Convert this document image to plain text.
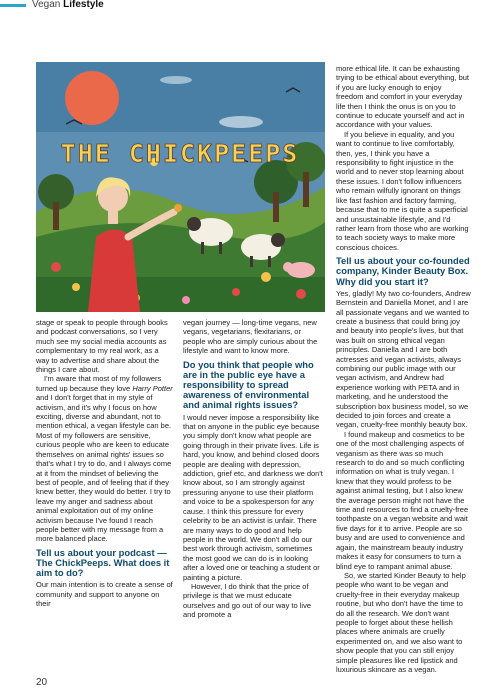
Vegan Lifestyle
THE CHICKPEEPS

stage or speak to people through books and podcast conversations, so I very much see my social media accounts as complementary to my real work, as a way to advertise and share about the things I care about.

I'm aware that most of my followers turned up because they love Harry Potter and I don't forget that in my style of activism, and it's why I focus on how exciting, diverse and abundant, not to mention ethical, a vegan lifestyle can be. Most of my followers are sensitive, curious people who are keen to educate themselves on animal rights' issues so that's what I try to do, and I always come at it from the mindset of believing the best of people, and of feeling that if they knew better, they would do better. I try to leave my anger and sadness about animal exploitation out of my online activism because I've found I reach people better with my message from a more balanced place.

Tell us about your podcast — The ChickPeeps. What does it aim to do?

Our main intention is to create a sense of community and support to anyone on their

vegan journey — long-time vegans, new vegans, vegetarians, flexitarians, or people who are simply curious about the lifestyle and want to know more.

Do you think that people who are in the public eye have a responsibility to spread awareness of environmental and animal rights issues?

I would never impose a responsibility like that on anyone in the public eye because you simply don't know what people are going through in their private lives. Life is hard, you know, and behind closed doors people are dealing with depression, addiction, grief etc, and darkness we don't know about, so I am strongly against pressuring anyone to use their platform and voice to be a spokesperson for any cause. I think this pressure for every celebrity to be an activist is unfair. There are many ways to do good and help people in the world. We don't all do our best work through activism, sometimes the most good we can do is in looking after a loved one or teaching a student or painting a picture.

However, I do think that the price of privilege is that we must educate ourselves and go out of our way to live and promote a

more ethical life. It can be exhausting trying to be ethical about everything, but if you are lucky enough to enjoy freedom and comfort in your everyday life then I think the onus is on you to continue to educate yourself and act in accordance with your values.

If you believe in equality, and you want to continue to live comfortably, then, yes, I think you have a responsibility to fight injustice in the world and to never stop learning about these issues. I don't follow influencers who remain wilfully ignorant on things like fast fashion and factory farming, because that to me is quite a superficial and unsustainable lifestyle, and I'd rather learn from those who are working to teach society ways to make more conscious choices.

Tell us about your co-founded company, Kinder Beauty Box. Why did you start it?

Yes, gladly! My two co-founders, Andrew Bernstein and Daniella Monet, and I are all passionate vegans and we wanted to create a business that could bring joy and beauty into people's lives, but that was built on strong ethical vegan principles. Daniella and I are both actresses and vegan activists, always combining our public image with our vegan activism, and Andrew had experience working with PETA and in marketing, and he understood the subscription box business model, so we decided to join forces and create a vegan, cruelty-free monthly beauty box.

I found makeup and cosmetics to be one of the most challenging aspects of veganism as there was so much research to do and so much conflicting information on what is truly vegan. I knew that they would profess to be against animal testing, but I also knew the average person might not have the time and resources to find a cruelty-free toothpaste on a vegan website and wait five days for it to arrive. People are so busy and are used to convenience and again, the mainstream beauty industry makes it easy for consumers to turn a blind eye to rampant animal abuse.

So, we started Kinder Beauty to help people who want to be vegan and cruelty-free in their everyday makeup routine, but who don't have the time to do all the research. We don't want people to forget about these hellish places where animals are cruelly experimented on, and we also want to show people that you can still enjoy simple pleasures like red lipstick and luxurious skincare as a vegan.

20
